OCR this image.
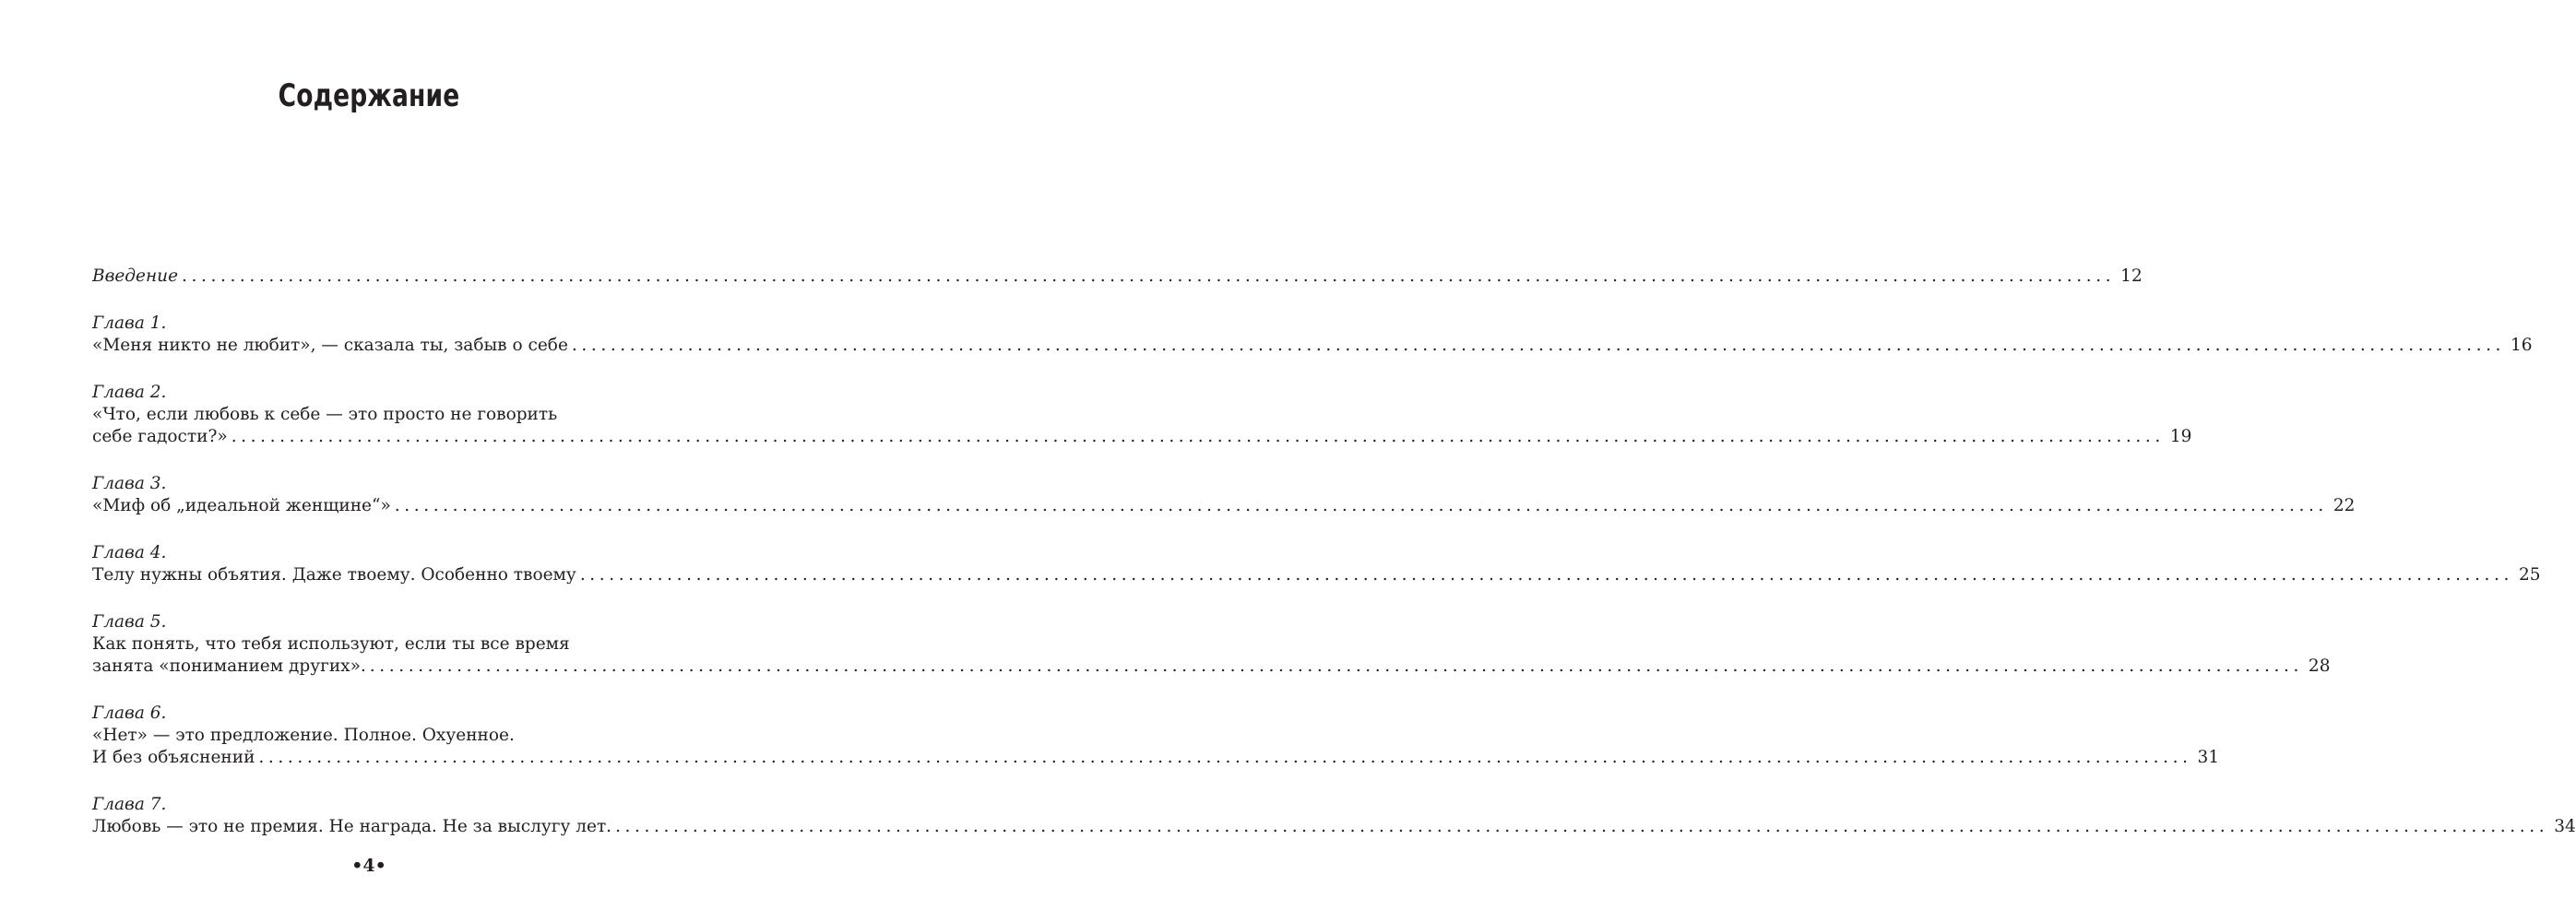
Содержание
Введение ........................................................................................................................................................................................................ 12
Глава 1.
«Меня никто не любит», — сказала ты, забыв о себе ........................................................................................................................................................................................................ 16
Глава 2.
«Что, если любовь к себе — это просто не говорить
себе гадости?» ........................................................................................................................................................................................................ 19
Глава 3.
«Миф об „идеальной женщине“» ........................................................................................................................................................................................................ 22
Глава 4.
Телу нужны объятия. Даже твоему. Особенно твоему ........................................................................................................................................................................................................ 25
Глава 5.
Как понять, что тебя используют, если ты все время
занята «пониманием других». ........................................................................................................................................................................................................ 28
Глава 6.
«Нет» — это предложение. Полное. Охуенное.
И без объяснений ........................................................................................................................................................................................................ 31
Глава 7.
Любовь — это не премия. Не награда. Не за выслугу лет. ........................................................................................................................................................................................................ 34
•4•
